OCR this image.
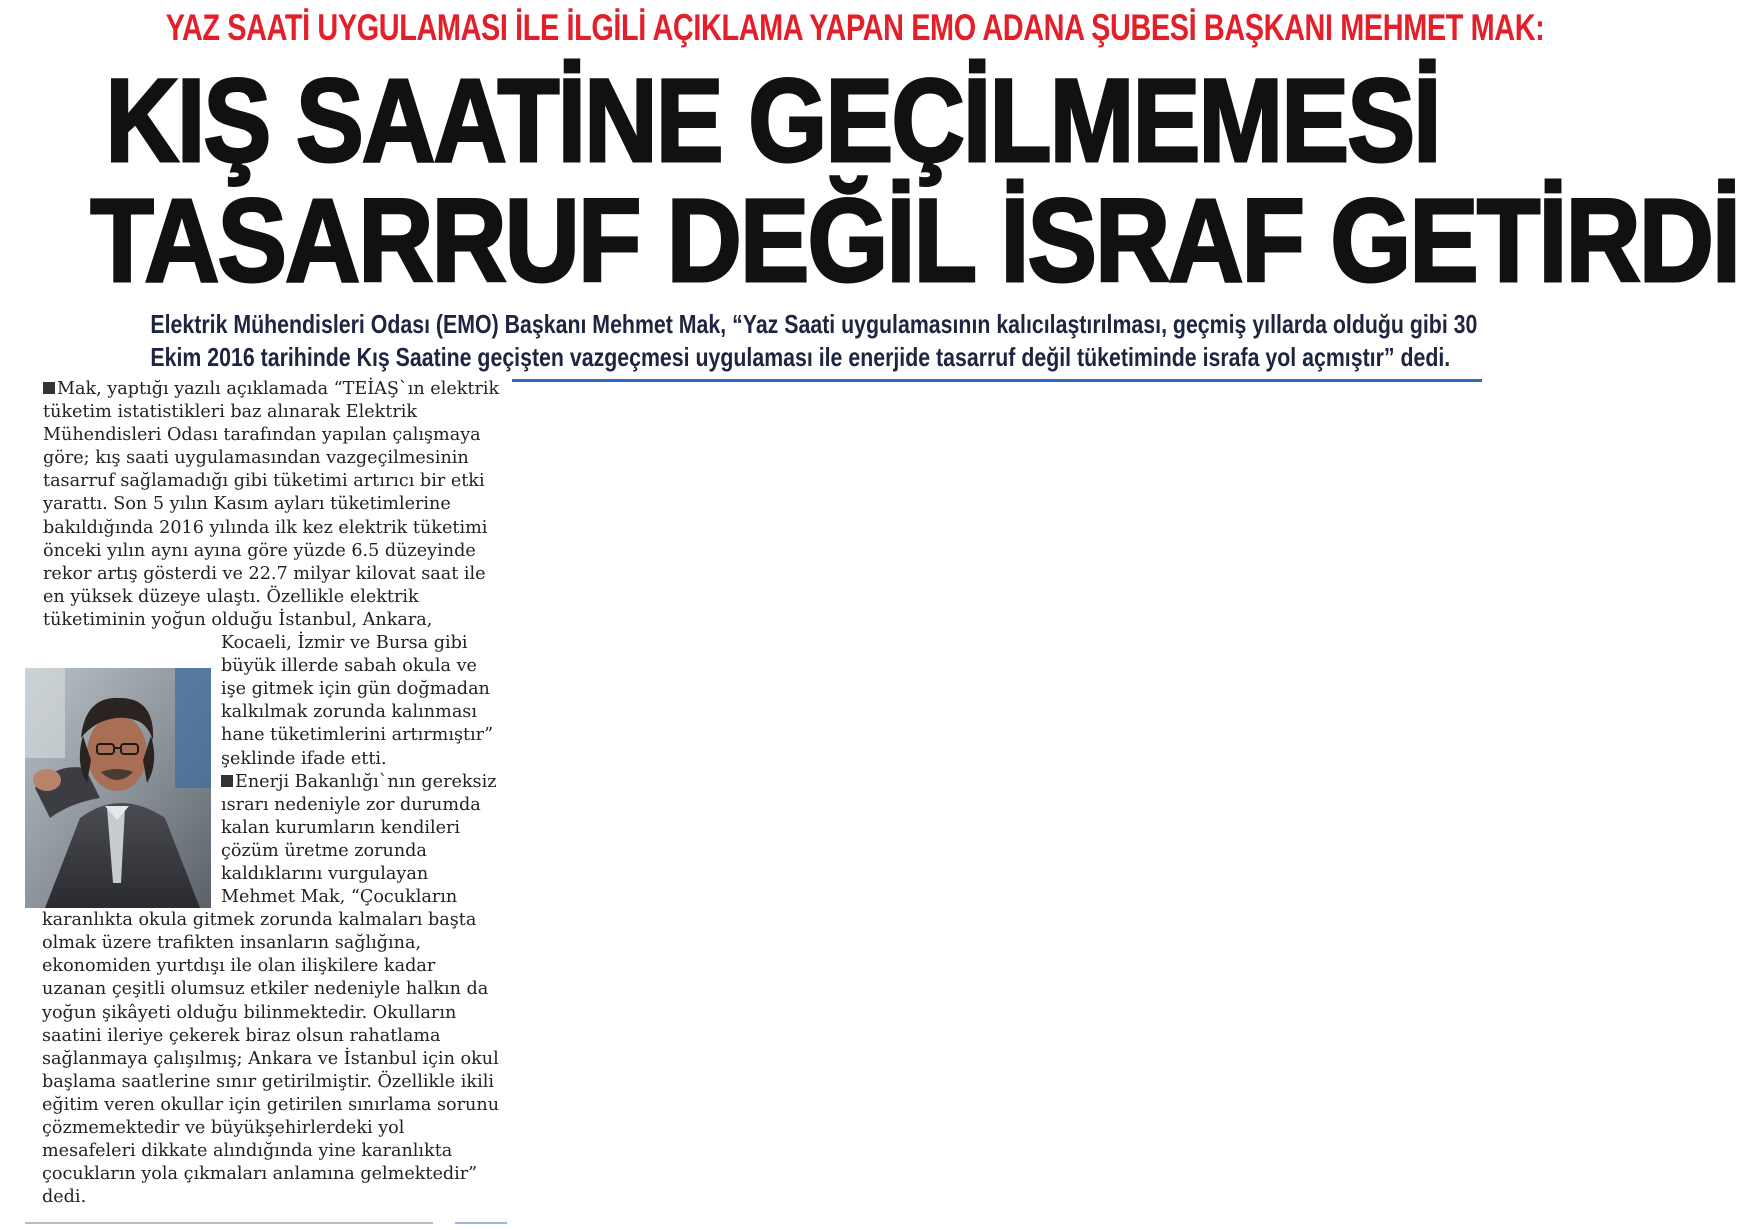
YAZ SAATİ UYGULAMASI İLE İLGİLİ AÇIKLAMA YAPAN EMO ADANA ŞUBESİ BAŞKANI MEHMET MAK:
KIŞ SAATİNE GEÇİLMEMESİ
TASARRUF DEĞİL İSRAF GETİRDİ
Elektrik Mühendisleri Odası (EMO) Başkanı Mehmet Mak, “Yaz Saati uygulamasının kalıcılaştırılması, geçmiş yıllarda olduğu gibi 30
Ekim 2016 tarihinde Kış Saatine geçişten vazgeçmesi uygulaması ile enerjide tasarruf değil tüketiminde israfa yol açmıştır” dedi.

Mak, yaptığı yazılı açıklamada “TEİAŞ`ın elektrik tüketim istatistikleri baz alınarak Elektrik Mühendisleri Odası tarafından yapılan çalışmaya göre; kış saati uygulamasından vazgeçilmesinin tasarruf sağlamadığı gibi tüketimi artırıcı bir etki yarattı. Son 5 yılın Kasım ayları tüketimlerine bakıldığında 2016 yılında ilk kez elektrik tüketimi önceki yılın aynı ayına göre yüzde 6.5 düzeyinde rekor artış gösterdi ve 22.7 milyar kilovat saat ile en yüksek düzeye ulaştı. Özellikle elektrik tüketiminin yoğun olduğu İstanbul, Ankara, Kocaeli, İzmir ve Bursa gibi büyük illerde sabah okula ve işe gitmek için gün doğmadan kalkılmak zorunda kalınması hane tüketimlerini artırmıştır” şeklinde ifade etti.

Enerji Bakanlığı`nın gereksiz ısrarı nedeniyle zor durumda kalan kurumların kendileri çözüm üretme zorunda kaldıklarını vurgulayan Mehmet Mak, “Çocukların karanlıkta okula gitmek zorunda kalmaları başta olmak üzere trafikten insanların sağlığına, ekonomiden yurtdışı ile olan ilişkilere kadar uzanan çeşitli olumsuz etkiler nedeniyle halkın da yoğun şikâyeti olduğu bilinmektedir. Okulların saatini ileriye çekerek biraz olsun rahatlama sağlanmaya çalışılmış; Ankara ve İstanbul için okul başlama saatlerine sınır getirilmiştir. Özellikle ikili eğitim veren okullar için getirilen sınırlama sorunu çözmemektedir ve büyükşehirlerdeki yol mesafeleri dikkate alındığında yine karanlıkta çocukların yola çıkmaları anlamına gelmektedir” dedi.
